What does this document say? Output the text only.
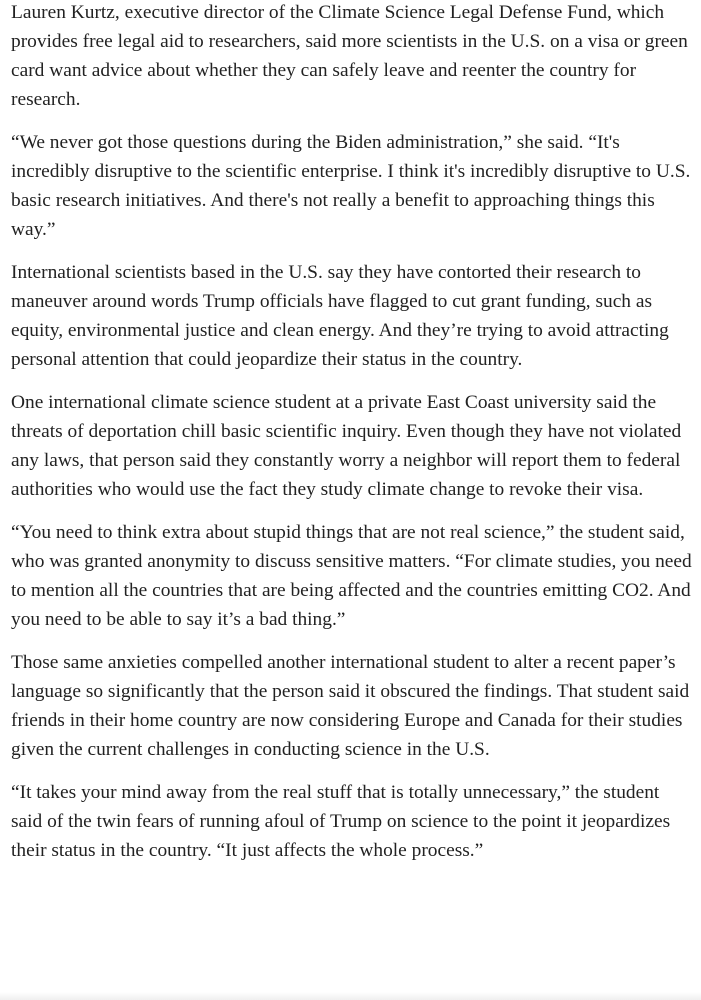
Lauren Kurtz, executive director of the Climate Science Legal Defense Fund, which provides free legal aid to researchers, said more scientists in the U.S. on a visa or green card want advice about whether they can safely leave and reenter the country for research.

“We never got those questions during the Biden administration,” she said. “It's incredibly disruptive to the scientific enterprise. I think it's incredibly disruptive to U.S. basic research initiatives. And there's not really a benefit to approaching things this way.”

International scientists based in the U.S. say they have contorted their research to maneuver around words Trump officials have flagged to cut grant funding, such as equity, environmental justice and clean energy. And they’re trying to avoid attracting personal attention that could jeopardize their status in the country.

One international climate science student at a private East Coast university said the threats of deportation chill basic scientific inquiry. Even though they have not violated any laws, that person said they constantly worry a neighbor will report them to federal authorities who would use the fact they study climate change to revoke their visa.

“You need to think extra about stupid things that are not real science,” the student said, who was granted anonymity to discuss sensitive matters. “For climate studies, you need to mention all the countries that are being affected and the countries emitting CO2. And you need to be able to say it’s a bad thing.”

Those same anxieties compelled another international student to alter a recent paper’s language so significantly that the person said it obscured the findings. That student said friends in their home country are now considering Europe and Canada for their studies given the current challenges in conducting science in the U.S.

“It takes your mind away from the real stuff that is totally unnecessary,” the student said of the twin fears of running afoul of Trump on science to the point it jeopardizes their status in the country. “It just affects the whole process.”
